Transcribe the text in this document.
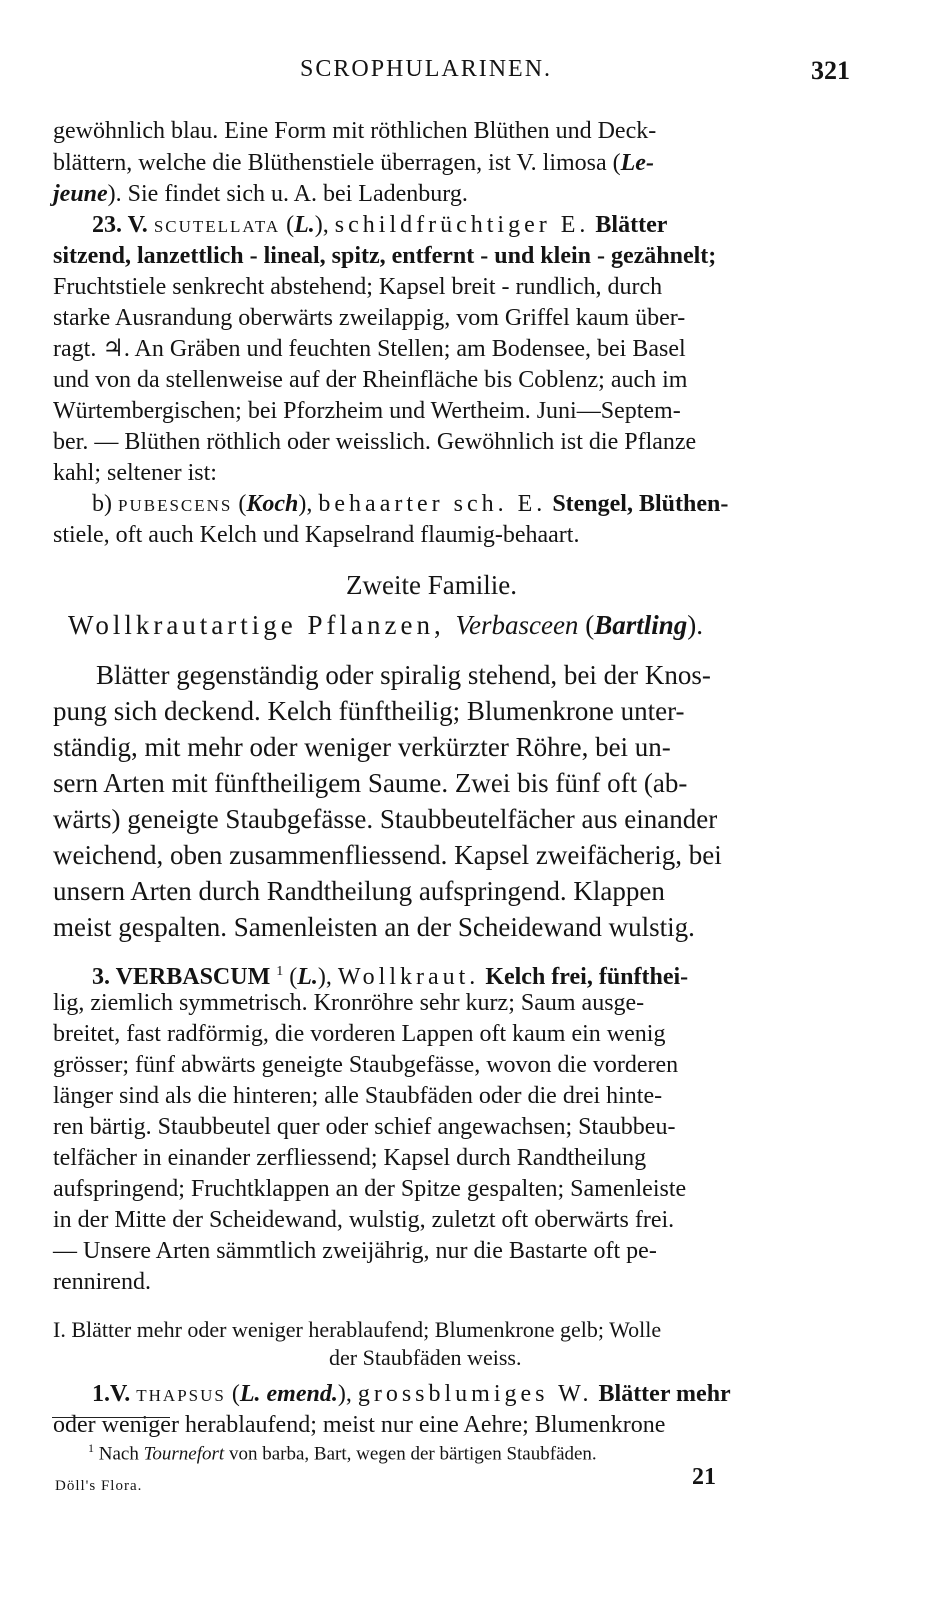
SCROPHULARINEN.	321
gewöhnlich blau. Eine Form mit röthlichen Blüthen und Deck-
blättern, welche die Blüthenstiele überragen, ist V. limosa (Le-
jeune). Sie findet sich u. A. bei Ladenburg.
23. V. SCUTELLATA (L.), schildfrüchtiger E. Blätter
sitzend, lanzettlich - lineal, spitz, entfernt - und klein - gezähnelt;
Fruchtstiele senkrecht abstehend; Kapsel breit - rundlich, durch
starke Ausrandung oberwärts zweilappig, vom Griffel kaum über-
ragt. ♃. An Gräben und feuchten Stellen; am Bodensee, bei Basel
und von da stellenweise auf der Rheinfläche bis Coblenz; auch im
Würtembergischen; bei Pforzheim und Wertheim. Juni—Septem-
ber. — Blüthen röthlich oder weisslich. Gewöhnlich ist die Pflanze
kahl; seltener ist:
b) PUBESCENS (Koch), behaarter sch. E. Stengel, Blüthen-
stiele, oft auch Kelch und Kapselrand flaumig-behaart.
Zweite Familie.
Wollkrautartige Pflanzen, Verbasceen (Bartling).
Blätter gegenständig oder spiralig stehend, bei der Knos-
pung sich deckend. Kelch fünftheilig; Blumenkrone unter-
ständig, mit mehr oder weniger verkürzter Röhre, bei un-
sern Arten mit fünftheiligem Saume. Zwei bis fünf oft (ab-
wärts) geneigte Staubgefässe. Staubbeutelfächer aus einander
weichend, oben zusammenfliessend. Kapsel zweifächerig, bei
unsern Arten durch Randtheilung aufspringend. Klappen
meist gespalten. Samenleisten an der Scheidewand wulstig.
3. VERBASCUM $^1$ (L.), Wollkraut. Kelch frei, fünfthei-
lig, ziemlich symmetrisch. Kronröhre sehr kurz; Saum ausge-
breitet, fast radförmig, die vorderen Lappen oft kaum ein wenig
grösser; fünf abwärts geneigte Staubgefässe, wovon die vorderen
länger sind als die hinteren; alle Staubfäden oder die drei hinte-
ren bärtig. Staubbeutel quer oder schief angewachsen; Staubbeu-
telfächer in einander zerfliessend; Kapsel durch Randtheilung
aufspringend; Fruchtklappen an der Spitze gespalten; Samenleiste
in der Mitte der Scheidewand, wulstig, zuletzt oft oberwärts frei.
— Unsere Arten sämmtlich zweijährig, nur die Bastarte oft pe-
rennirend.
I. Blätter mehr oder weniger herablaufend; Blumenkrone gelb; Wolle
der Staubfäden weiss.
1.V. THAPSUS (L. emend.), grossblumiges W. Blätter mehr
oder weniger herablaufend; meist nur eine Aehre; Blumenkrone
$^1$ Nach Tournefort von barba, Bart, wegen der bärtigen Staubfäden.
Döll's Flora.	21
